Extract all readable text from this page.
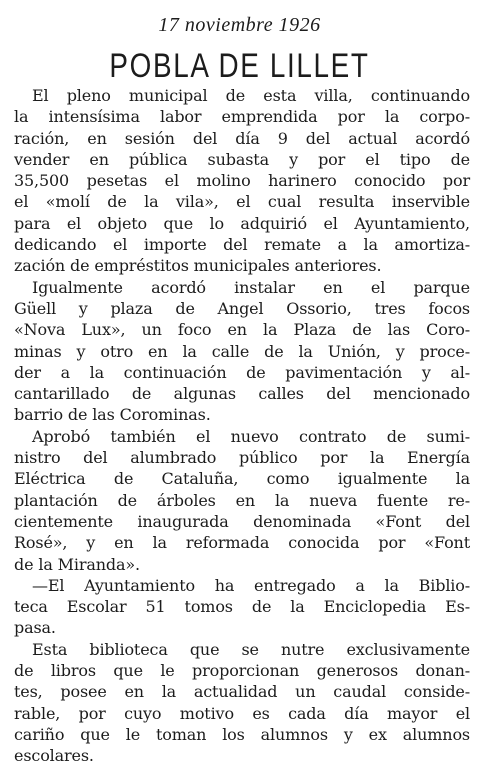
17 noviembre 1926
POBLA DE LILLET
El pleno municipal de esta villa, continuando
la intensísima labor emprendida por la corpo-
ración, en sesión del día 9 del actual acordó
vender en pública subasta y por el tipo de
35,500 pesetas el molino harinero conocido por
el «molí de la vila», el cual resulta inservible
para el objeto que lo adquirió el Ayuntamiento,
dedicando el importe del remate a la amortiza-
zación de empréstitos municipales anteriores.
Igualmente acordó instalar en el parque
Güell y plaza de Angel Ossorio, tres focos
«Nova Lux», un foco en la Plaza de las Coro-
minas y otro en la calle de la Unión, y proce-
der a la continuación de pavimentación y al-
cantarillado de algunas calles del mencionado
barrio de las Corominas.
Aprobó también el nuevo contrato de sumi-
nistro del alumbrado público por la Energía
Eléctrica de Cataluña, como igualmente la
plantación de árboles en la nueva fuente re-
cientemente inaugurada denominada «Font del
Rosé», y en la reformada conocida por «Font
de la Miranda».
—El Ayuntamiento ha entregado a la Biblio-
teca Escolar 51 tomos de la Enciclopedia Es-
pasa.
Esta biblioteca que se nutre exclusivamente
de libros que le proporcionan generosos donan-
tes, posee en la actualidad un caudal conside-
rable, por cuyo motivo es cada día mayor el
cariño que le toman los alumnos y ex alumnos
escolares.
